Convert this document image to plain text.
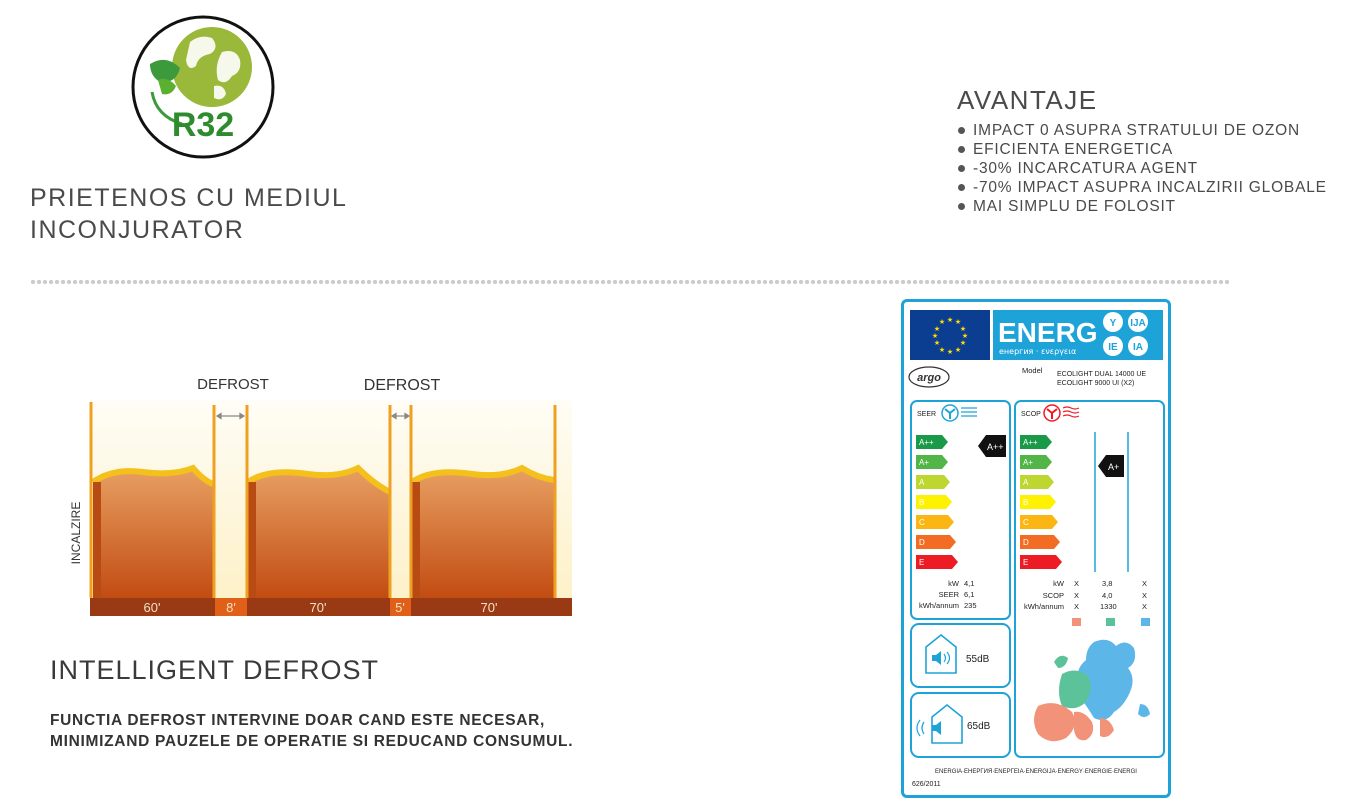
R32
PRIETENOS CU MEDIUL
INCONJURATOR
AVANTAJE
IMPACT 0 ASUPRA STRATULUI DE OZON
EFICIENTA ENERGETICA
-30% INCARCATURA AGENT
-70% IMPACT ASUPRA INCALZIRII GLOBALE
MAI SIMPLU DE FOLOSIT
DEFROST	DEFROST
INCALZIRE
60'	8'	70'	5'	70'
INTELLIGENT DEFROST
FUNCTIA DEFROST INTERVINE DOAR CAND ESTE NECESAR,
MINIMIZAND PAUZELE DE OPERATIE SI REDUCAND CONSUMUL.
★ ★
★
★
★
★
★
★
★
★
★
★ ENERG
енергия · ενεργεια
Y IJA
IE IA
argo
Model ECOLIGHT DUAL 14000 UE
ECOLIGHT 9000 UI (X2)
SEER
A++
A+
A
B
C
D
E
A++
kW 4,1
SEER 6,1
kWh/annum 235
SCOP
A++
A+
A
B
C
D
E
A+
kW X	3,8	X
SCOP X	4,0	X
kWh/annum X	1330	X
55dB
65dB
ENERGIA·ЕНЕРГИЯ·ΕΝΕΡΓΕΙΑ·ENERGIJA·ENERGY·ENERGIE·ENERGI
626/2011
